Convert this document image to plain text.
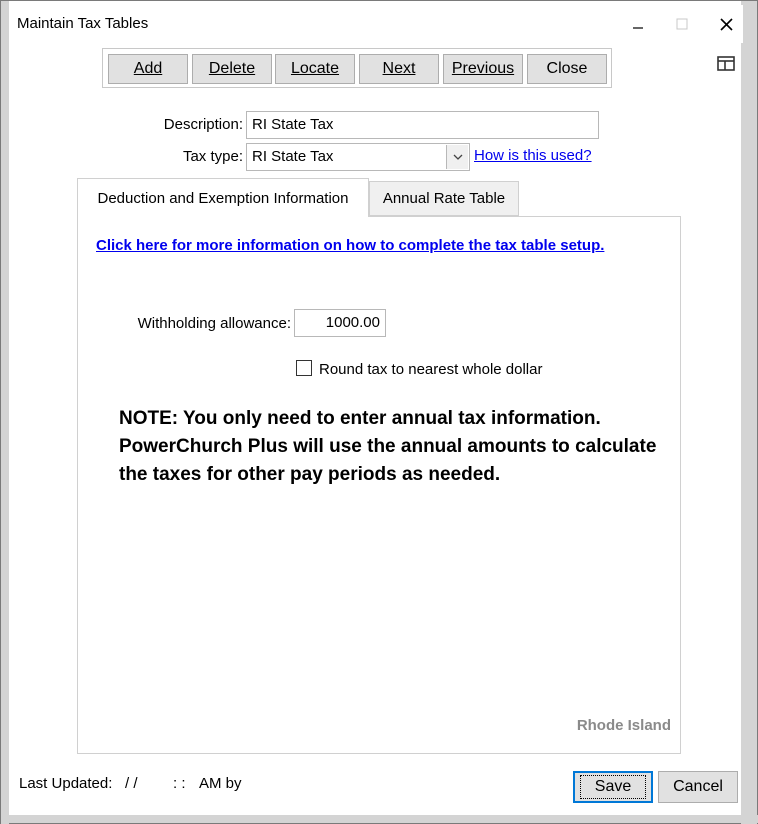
Maintain Tax Tables
Add	Delete Locate	Next Previous Close
Description: RI State Tax
Tax type: RI State Tax	How is this used?
Deduction and Exemption Information	Annual Rate Table
Click here for more information on how to complete the tax table setup.
Withholding allowance:	1000.00
Round tax to nearest whole dollar
NOTE: You only need to enter annual tax information. PowerChurch Plus will use the annual amounts to calculate the taxes for other pay periods as needed.
Rhode Island
Last Updated: / / : : AM by	Save	Cancel
